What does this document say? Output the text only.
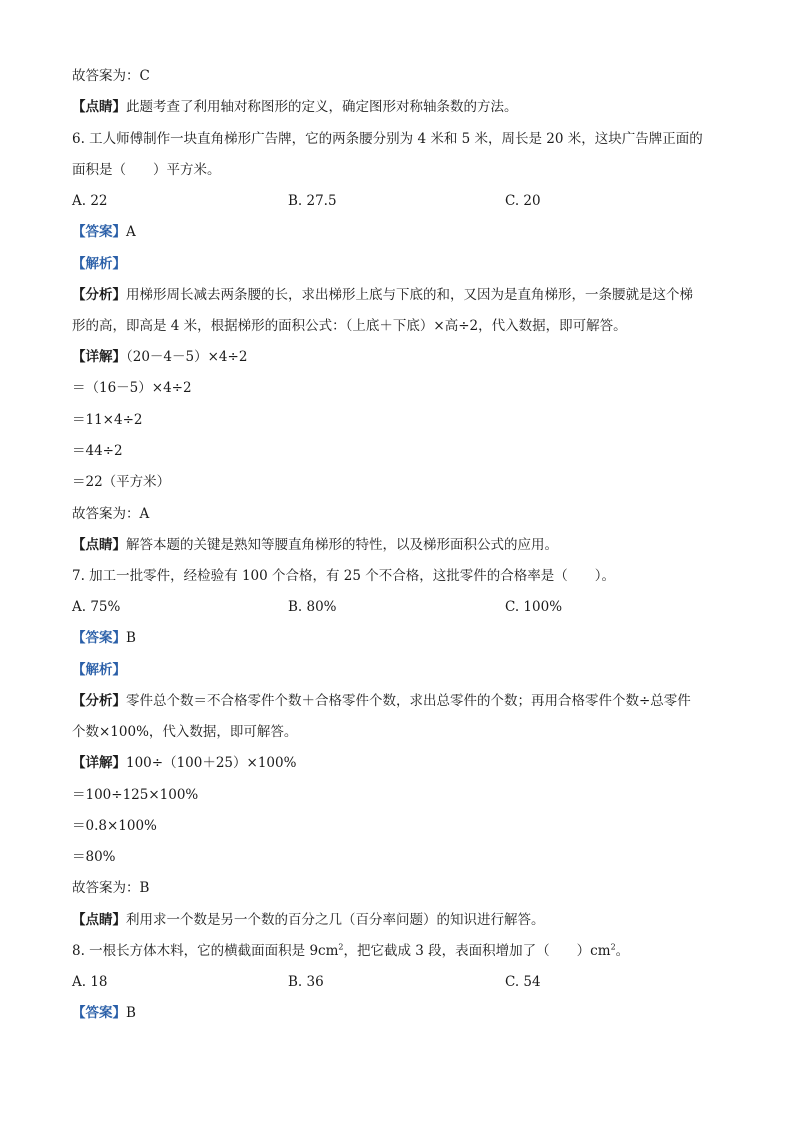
故答案为：C
【点睛】此题考查了利用轴对称图形的定义，确定图形对称轴条数的方法。
6. 工人师傅制作一块直角梯形广告牌，它的两条腰分别为 4 米和 5 米，周长是 20 米，这块广告牌正面的
面积是（　　）平方米。
A. 22	B. 27.5	C. 20
【答案】A
【解析】
【分析】用梯形周长减去两条腰的长，求出梯形上底与下底的和，又因为是直角梯形，一条腰就是这个梯
形的高，即高是 4 米，根据梯形的面积公式：（上底＋下底）×高÷2，代入数据，即可解答。
【详解】（20－4－5）×4÷2
＝（16－5）×4÷2
＝11×4÷2
＝44÷2
＝22（平方米）
故答案为：A
【点睛】解答本题的关键是熟知等腰直角梯形的特性，以及梯形面积公式的应用。
7. 加工一批零件，经检验有 100 个合格，有 25 个不合格，这批零件的合格率是（　　）。
A. 75%	B. 80%	C. 100%
【答案】B
【解析】
【分析】零件总个数＝不合格零件个数＋合格零件个数，求出总零件的个数；再用合格零件个数÷总零件
个数×100%，代入数据，即可解答。
【详解】100÷（100＋25）×100%
＝100÷125×100%
＝0.8×100%
＝80%
故答案为：B
【点睛】利用求一个数是另一个数的百分之几（百分率问题）的知识进行解答。
8. 一根长方体木料，它的横截面面积是 $9cm^2$，把它截成 3 段，表面积增加了（　　）$cm^2$。
A. 18	B. 36	C. 54
【答案】B
